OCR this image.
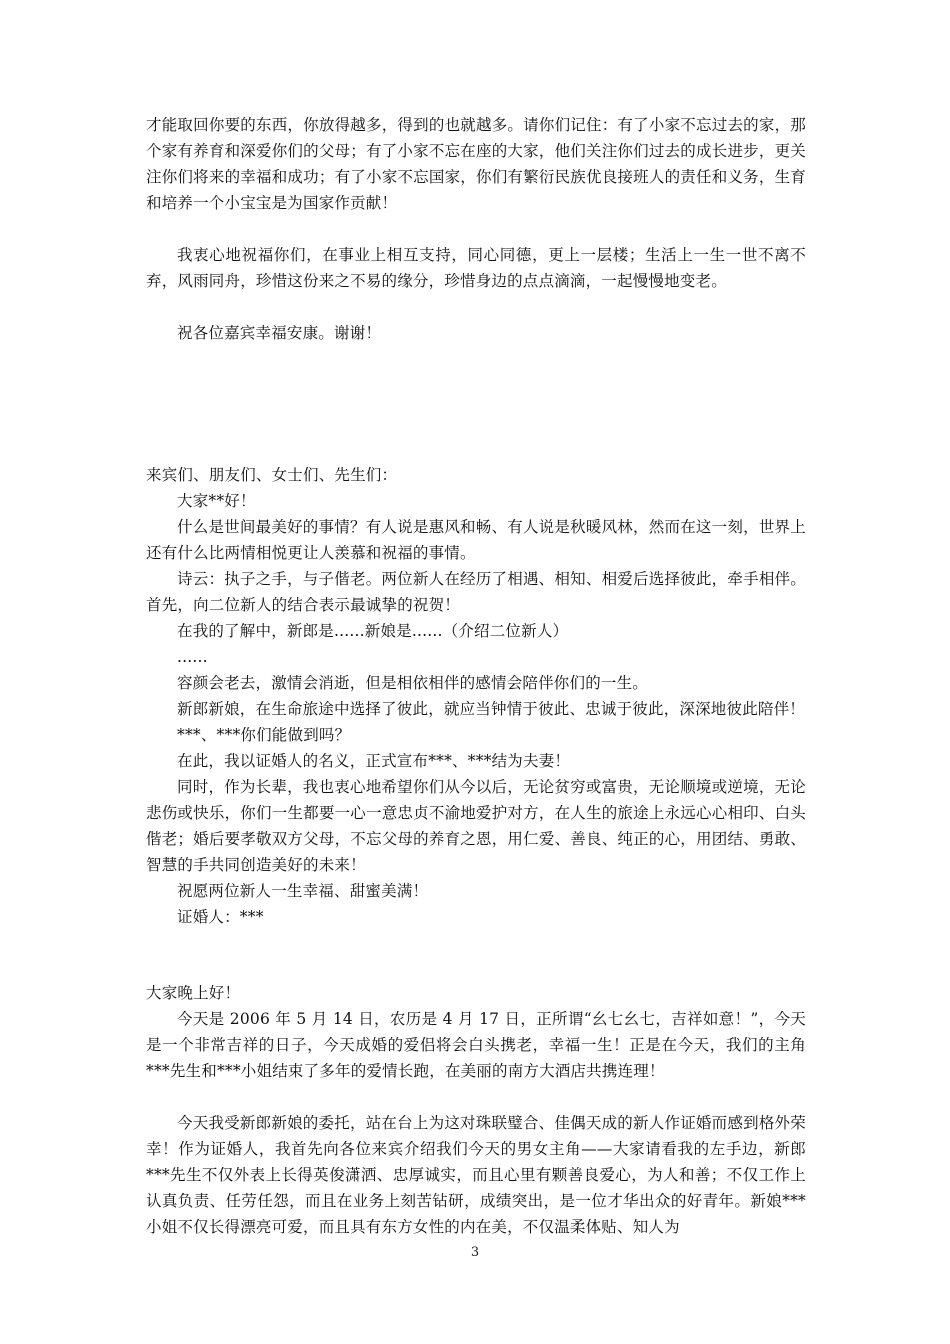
才能取回你要的东西，你放得越多，得到的也就越多。请你们记住：有了小家不忘过去的家，那个家有养育和深爱你们的父母；有了小家不忘在座的大家，他们关注你们过去的成长进步，更关注你们将来的幸福和成功；有了小家不忘国家，你们有繁衍民族优良接班人的责任和义务，生育和培养一个小宝宝是为国家作贡献！

我衷心地祝福你们，在事业上相互支持，同心同德，更上一层楼；生活上一生一世不离不弃，风雨同舟，珍惜这份来之不易的缘分，珍惜身边的点点滴滴，一起慢慢地变老。

祝各位嘉宾幸福安康。谢谢！

来宾们、朋友们、女士们、先生们：

大家**好！

什么是世间最美好的事情？有人说是惠风和畅、有人说是秋暖风林，然而在这一刻，世界上还有什么比两情相悦更让人羡慕和祝福的事情。

诗云：执子之手，与子偕老。两位新人在经历了相遇、相知、相爱后选择彼此，牵手相伴。首先，向二位新人的结合表示最诚挚的祝贺！

在我的了解中，新郎是......新娘是......（介绍二位新人）

......

容颜会老去，激情会消逝，但是相依相伴的感情会陪伴你们的一生。

新郎新娘，在生命旅途中选择了彼此，就应当钟情于彼此、忠诚于彼此，深深地彼此陪伴！

***、***你们能做到吗？

在此，我以证婚人的名义，正式宣布***、***结为夫妻！

同时，作为长辈，我也衷心地希望你们从今以后，无论贫穷或富贵，无论顺境或逆境，无论悲伤或快乐，你们一生都要一心一意忠贞不渝地爱护对方，在人生的旅途上永远心心相印、白头偕老；婚后要孝敬双方父母，不忘父母的养育之恩，用仁爱、善良、纯正的心，用团结、勇敢、智慧的手共同创造美好的未来！

祝愿两位新人一生幸福、甜蜜美满！

证婚人：***

大家晚上好！

今天是 2006 年 5 月 14 日，农历是 4 月 17 日，正所谓“幺七幺七，吉祥如意！”，今天是一个非常吉祥的日子，今天成婚的爱侣将会白头携老，幸福一生！正是在今天，我们的主角***先生和***小姐结束了多年的爱情长跑，在美丽的南方大酒店共携连理！

今天我受新郎新娘的委托，站在台上为这对珠联璧合、佳偶天成的新人作证婚而感到格外荣幸！作为证婚人，我首先向各位来宾介绍我们今天的男女主角——大家请看我的左手边，新郎***先生不仅外表上长得英俊潇洒、忠厚诚实，而且心里有颗善良爱心，为人和善；不仅工作上认真负责、任劳任怨，而且在业务上刻苦钻研，成绩突出，是一位才华出众的好青年。新娘***小姐不仅长得漂亮可爱，而且具有东方女性的内在美，不仅温柔体贴、知人为

3
